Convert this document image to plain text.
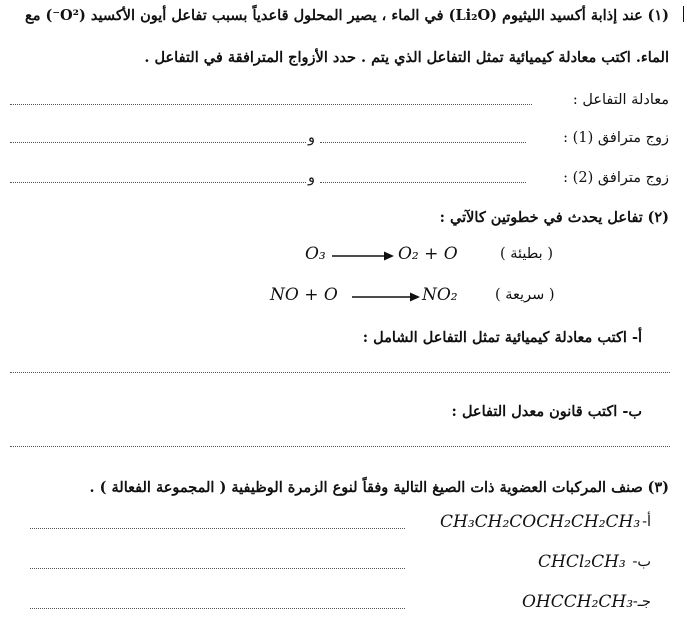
(١) عند إذابة أكسيد الليثيوم (Li₂O) في الماء ، يصير المحلول قاعدياً بسبب تفاعل أيون الأكسيد (O²⁻) مع
الماء. اكتب معادلة كيميائية تمثل التفاعل الذي يتم . حدد الأزواج المترافقة في التفاعل .
معادلة التفاعل :
زوج مترافق (1) :
و
زوج مترافق (2) :
و
(٢) تفاعل يحدث في خطوتين كالآتي :
O₃	O₂ + O	( بطيئة )
NO + O	NO₂	( سريعة )
أ- اكتب معادلة كيميائية تمثل التفاعل الشامل :
ب- اكتب قانون معدل التفاعل :
(٣) صنف المركبات العضوية ذات الصيغ التالية وفقاً لنوع الزمرة الوظيفية ( المجموعة الفعالة ) .
أ-
CH₃CH₂COCH₂CH₂CH₃
ب-
CHCl₂CH₃
جـ-
OHCCH₂CH₃
